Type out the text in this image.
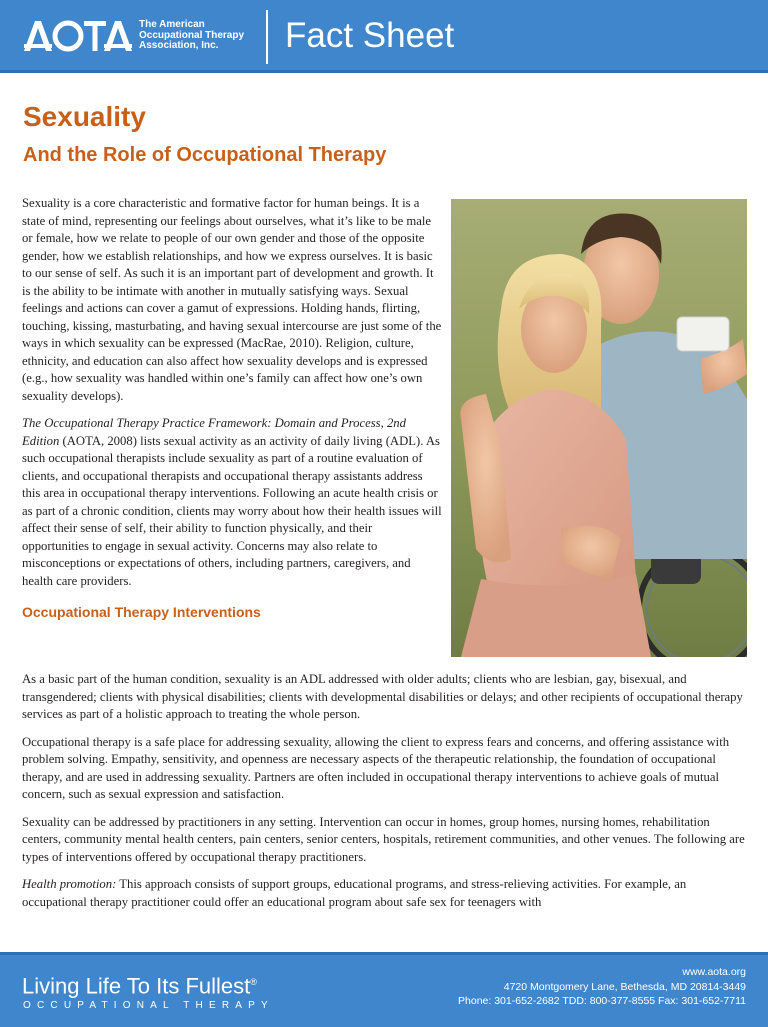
The American
Occupational Therapy
Association, Inc.	Fact Sheet
Sexuality
And the Role of Occupational Therapy

Sexuality is a core characteristic and formative factor for human beings. It is a state of mind, representing our feelings about ourselves, what it’s like to be male or female, how we relate to people of our own gender and those of the opposite gender, how we establish relationships, and how we express ourselves. It is basic to our sense of self. As such it is an important part of development and growth. It is the ability to be intimate with another in mutually satisfying ways. Sexual feelings and actions can cover a gamut of expressions. Holding hands, flirting, touching, kissing, masturbating, and having sexual intercourse are just some of the ways in which sexuality can be expressed (MacRae, 2010). Religion, culture, ethnicity, and education can also affect how sexuality develops and is expressed (e.g., how sexuality was handled within one’s family can affect how one’s own sexuality develops).

The Occupational Therapy Practice Framework: Domain and Process, 2nd Edition (AOTA, 2008) lists sexual activity as an activity of daily living (ADL). As such occupational therapists include sexuality as part of a routine evaluation of clients, and occupational therapists and occupational therapy assistants address this area in occupational therapy interventions. Following an acute health crisis or as part of a chronic condition, clients may worry about how their health issues will affect their sense of self, their ability to function physically, and their opportunities to engage in sexual activity. Concerns may also relate to misconceptions or expectations of others, including partners, caregivers, and health care providers.

Occupational Therapy Interventions

As a basic part of the human condition, sexuality is an ADL addressed with older adults; clients who are lesbian, gay, bisexual, and transgendered; clients with physical disabilities; clients with developmental disabilities or delays; and other recipients of occupational therapy services as part of a holistic approach to treating the whole person.

Occupational therapy is a safe place for addressing sexuality, allowing the client to express fears and concerns, and offering assistance with problem solving. Empathy, sensitivity, and openness are necessary aspects of the therapeutic relationship, the foundation of occupational therapy, and are used in addressing sexuality. Partners are often included in occupational therapy interventions to achieve goals of mutual concern, such as sexual expression and satisfaction.

Sexuality can be addressed by practitioners in any setting. Intervention can occur in homes, group homes, nursing homes, rehabilitation centers, community mental health centers, pain centers, senior centers, hospitals, retirement communities, and other venues. The following are types of interventions offered by occupational therapy practitioners.

Health promotion: This approach consists of support groups, educational programs, and stress-relieving activities. For example, an occupational therapy practitioner could offer an educational program about safe sex for teenagers with

Living Life To Its Fullest®
OCCUPATIONAL THERAPY
www.aota.org
4720 Montgomery Lane, Bethesda, MD 20814-3449
Phone: 301-652-2682 TDD: 800-377-8555 Fax: 301-652-7711
